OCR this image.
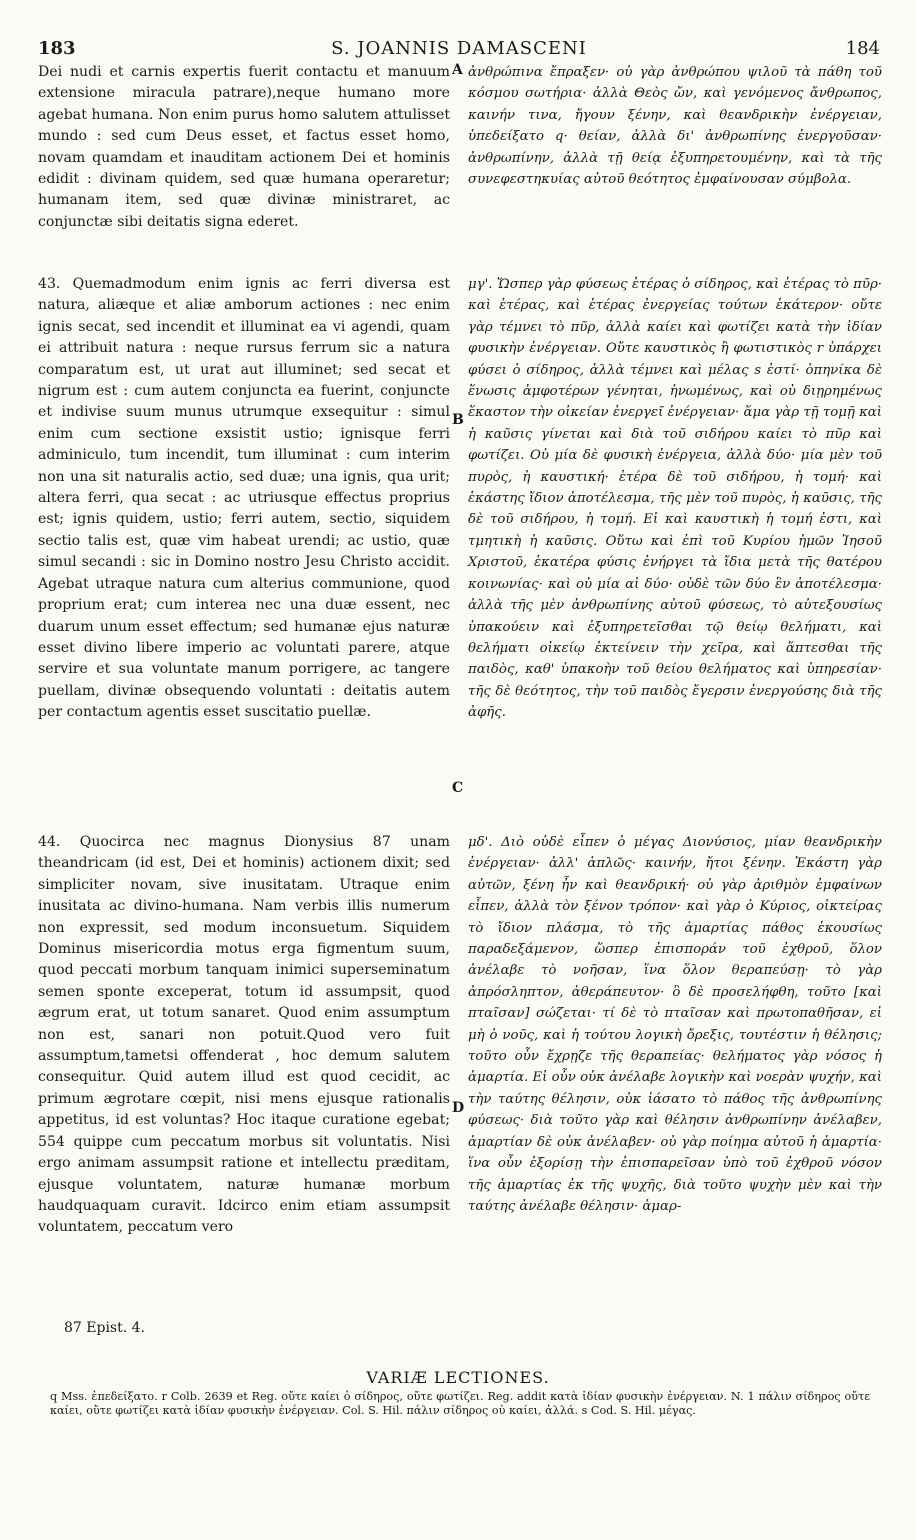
183	S. JOANNIS DAMASCENI	184
Dei nudi et carnis expertis fuerit contactu et manuum extensione miracula patrare),neque humano more agebat humana. Non enim purus homo salutem attulisset mundo : sed cum Deus esset, et factus esset homo, novam quamdam et inauditam actionem Dei et hominis edidit : divinam quidem, sed quæ humana operaretur; humanam item, sed quæ divinæ ministraret, ac conjunctæ sibi deitatis signa ederet.
43. Quemadmodum enim ignis ac ferri diversa est natura, aliæque et aliæ amborum actiones : nec enim ignis secat, sed incendit et illuminat ea vi agendi, quam ei attribuit natura : neque rursus ferrum sic a natura comparatum est, ut urat aut illuminet; sed secat et nigrum est : cum autem conjuncta ea fuerint, conjuncte et indivise suum munus utrumque exsequitur : simul enim cum sectione exsistit ustio; ignisque ferri adminiculo, tum incendit, tum illuminat : cum interim non una sit naturalis actio, sed duæ; una ignis, qua urit; altera ferri, qua secat : ac utriusque effectus proprius est; ignis quidem, ustio; ferri autem, sectio, siquidem sectio talis est, quæ vim habeat urendi; ac ustio, quæ simul secandi : sic in Domino nostro Jesu Christo accidit. Agebat utraque natura cum alterius communione, quod proprium erat; cum interea nec una duæ essent, nec duarum unum esset effectum; sed humanæ ejus naturæ esset divino libere imperio ac voluntati parere, atque servire et sua voluntate manum porrigere, ac tangere puellam, divinæ obsequendo voluntati : deitatis autem per contactum agentis esset suscitatio puellæ.
44. Quocirca nec magnus Dionysius 87 unam theandricam (id est, Dei et hominis) actionem dixit; sed simpliciter novam, sive inusitatam. Utraque enim inusitata ac divino-humana. Nam verbis illis numerum non expressit, sed modum inconsuetum. Siquidem Dominus misericordia motus erga figmentum suum, quod peccati morbum tanquam inimici superseminatum semen sponte exceperat, totum id assumpsit, quod ægrum erat, ut totum sanaret. Quod enim assumptum non est, sanari non potuit.Quod vero fuit assumptum,tametsi offenderat , hoc demum salutem consequitur. Quid autem illud est quod cecidit, ac primum ægrotare cœpit, nisi mens ejusque rationalis appetitus, id est voluntas? Hoc itaque curatione egebat; 554 quippe cum peccatum morbus sit voluntatis. Nisi ergo animam assumpsit ratione et intellectu præditam, ejusque voluntatem, naturæ humanæ morbum haudquaquam curavit. Idcirco enim etiam assumpsit voluntatem, peccatum vero
ἀνθρώπινα ἔπραξεν· οὐ γὰρ ἀνθρώπου ψιλοῦ τὰ πάθη τοῦ κόσμου σωτήρια· ἀλλὰ Θεὸς ὤν, καὶ γενόμενος ἄνθρωπος, καινήν τινα, ἤγουν ξένην, καὶ θεανδρικὴν ἐνέργειαν, ὑπεδείξατο q· θείαν, ἀλλὰ δι' ἀνθρωπίνης ἐνεργοῦσαν· ἀνθρωπίνην, ἀλλὰ τῇ θείᾳ ἐξυπηρετουμένην, καὶ τὰ τῆς συνεφεστηκυίας αὐτοῦ θεότητος ἐμφαίνουσαν σύμβολα.
μγ'. Ὥσπερ γὰρ φύσεως ἑτέρας ὁ σίδηρος, καὶ ἑτέρας τὸ πῦρ· καὶ ἑτέρας, καὶ ἑτέρας ἐνεργείας τούτων ἑκάτερον· οὔτε γὰρ τέμνει τὸ πῦρ, ἀλλὰ καίει καὶ φωτίζει κατὰ τὴν ἰδίαν φυσικὴν ἐνέργειαν. Οὔτε καυστικὸς ἢ φωτιστικὸς r ὑπάρχει φύσει ὁ σίδηρος, ἀλλὰ τέμνει καὶ μέλας s ἐστί· ὁπηνίκα δὲ ἕνωσις ἀμφοτέρων γένηται, ἡνωμένως, καὶ οὐ διῃρημένως ἕκαστον τὴν οἰκείαν ἐνεργεῖ ἐνέργειαν· ἅμα γὰρ τῇ τομῇ καὶ ἡ καῦσις γίνεται καὶ διὰ τοῦ σιδήρου καίει τὸ πῦρ καὶ φωτίζει. Οὐ μία δὲ φυσικὴ ἐνέργεια, ἀλλὰ δύο· μία μὲν τοῦ πυρὸς, ἡ καυστική· ἑτέρα δὲ τοῦ σιδήρου, ἡ τομή· καὶ ἑκάστης ἴδιον ἀποτέλεσμα, τῆς μὲν τοῦ πυρὸς, ἡ καῦσις, τῆς δὲ τοῦ σιδήρου, ἡ τομή. Εἰ καὶ καυστικὴ ἡ τομή ἐστι, καὶ τμητικὴ ἡ καῦσις. Οὕτω καὶ ἐπὶ τοῦ Κυρίου ἡμῶν Ἰησοῦ Χριστοῦ, ἑκατέρα φύσις ἐνήργει τὰ ἴδια μετὰ τῆς θατέρου κοινωνίας· καὶ οὐ μία αἱ δύο· οὐδὲ τῶν δύο ἓν ἀποτέλεσμα· ἀλλὰ τῆς μὲν ἀνθρωπίνης αὐτοῦ φύσεως, τὸ αὐτεξουσίως ὑπακούειν καὶ ἐξυπηρετεῖσθαι τῷ θείῳ θελήματι, καὶ θελήματι οἰκείῳ ἐκτείνειν τὴν χεῖρα, καὶ ἅπτεσθαι τῆς παιδὸς, καθ' ὑπακοὴν τοῦ θείου θελήματος καὶ ὑπηρεσίαν· τῆς δὲ θεότητος, τὴν τοῦ παιδὸς ἔγερσιν ἐνεργούσης διὰ τῆς ἀφῆς.
μδ'. Διὸ οὐδὲ εἶπεν ὁ μέγας Διονύσιος, μίαν θεανδρικὴν ἐνέργειαν· ἀλλ' ἁπλῶς· καινήν, ἤτοι ξένην. Ἑκάστη γὰρ αὐτῶν, ξένη ἦν καὶ θεανδρική· οὐ γὰρ ἀριθμὸν ἐμφαίνων εἶπεν, ἀλλὰ τὸν ξένον τρόπον· καὶ γὰρ ὁ Κύριος, οἰκτείρας τὸ ἴδιον πλάσμα, τὸ τῆς ἁμαρτίας πάθος ἑκουσίως παραδεξάμενον, ὥσπερ ἐπισποράν τοῦ ἐχθροῦ, ὅλον ἀνέλαβε τὸ νοῆσαν, ἵνα ὅλον θεραπεύσῃ· τὸ γὰρ ἀπρόσληπτον, ἀθεράπευτον· ὃ δὲ προσελήφθη, τοῦτο [καὶ πταῖσαν] σώζεται· τί δὲ τὸ πταῖσαν καὶ πρωτοπαθῆσαν, εἰ μὴ ὁ νοῦς, καὶ ἡ τούτου λογικὴ ὄρεξις, τουτέστιν ἡ θέλησις; τοῦτο οὖν ἔχρῃζε τῆς θεραπείας· θελήματος γὰρ νόσος ἡ ἁμαρτία. Εἰ οὖν οὐκ ἀνέλαβε λογικὴν καὶ νοερὰν ψυχήν, καὶ τὴν ταύτης θέλησιν, οὐκ ἰάσατο τὸ πάθος τῆς ἀνθρωπίνης φύσεως· διὰ τοῦτο γὰρ καὶ θέλησιν ἀνθρωπίνην ἀνέλαβεν, ἁμαρτίαν δὲ οὐκ ἀνέλαβεν· οὐ γὰρ ποίημα αὐτοῦ ἡ ἁμαρτία· ἵνα οὖν ἐξορίσῃ τὴν ἐπισπαρεῖσαν ὑπὸ τοῦ ἐχθροῦ νόσον τῆς ἁμαρτίας ἐκ τῆς ψυχῆς, διὰ τοῦτο ψυχὴν μὲν καὶ τὴν ταύτης ἀνέλαβε θέλησιν· ἁμαρ-
A
B
C
D
87 Epist. 4.
VARIÆ LECTIONES.
q Mss. ἐπεδείξατο. r Colb. 2639 et Reg. οὔτε καίει ὁ σίδηρος, οὔτε φωτίζει. Reg. addit κατὰ ἰδίαν φυσικὴν ἐνέργειαν. N. 1 πάλιν σίδηρος οὔτε καίει, οὔτε φωτίζει κατὰ ἰδίαν φυσικὴν ἐνέργειαν. Col. S. Hil. πάλιν σίδηρος οὐ καίει, ἀλλά. s Cod. S. Hil. μέγας.
